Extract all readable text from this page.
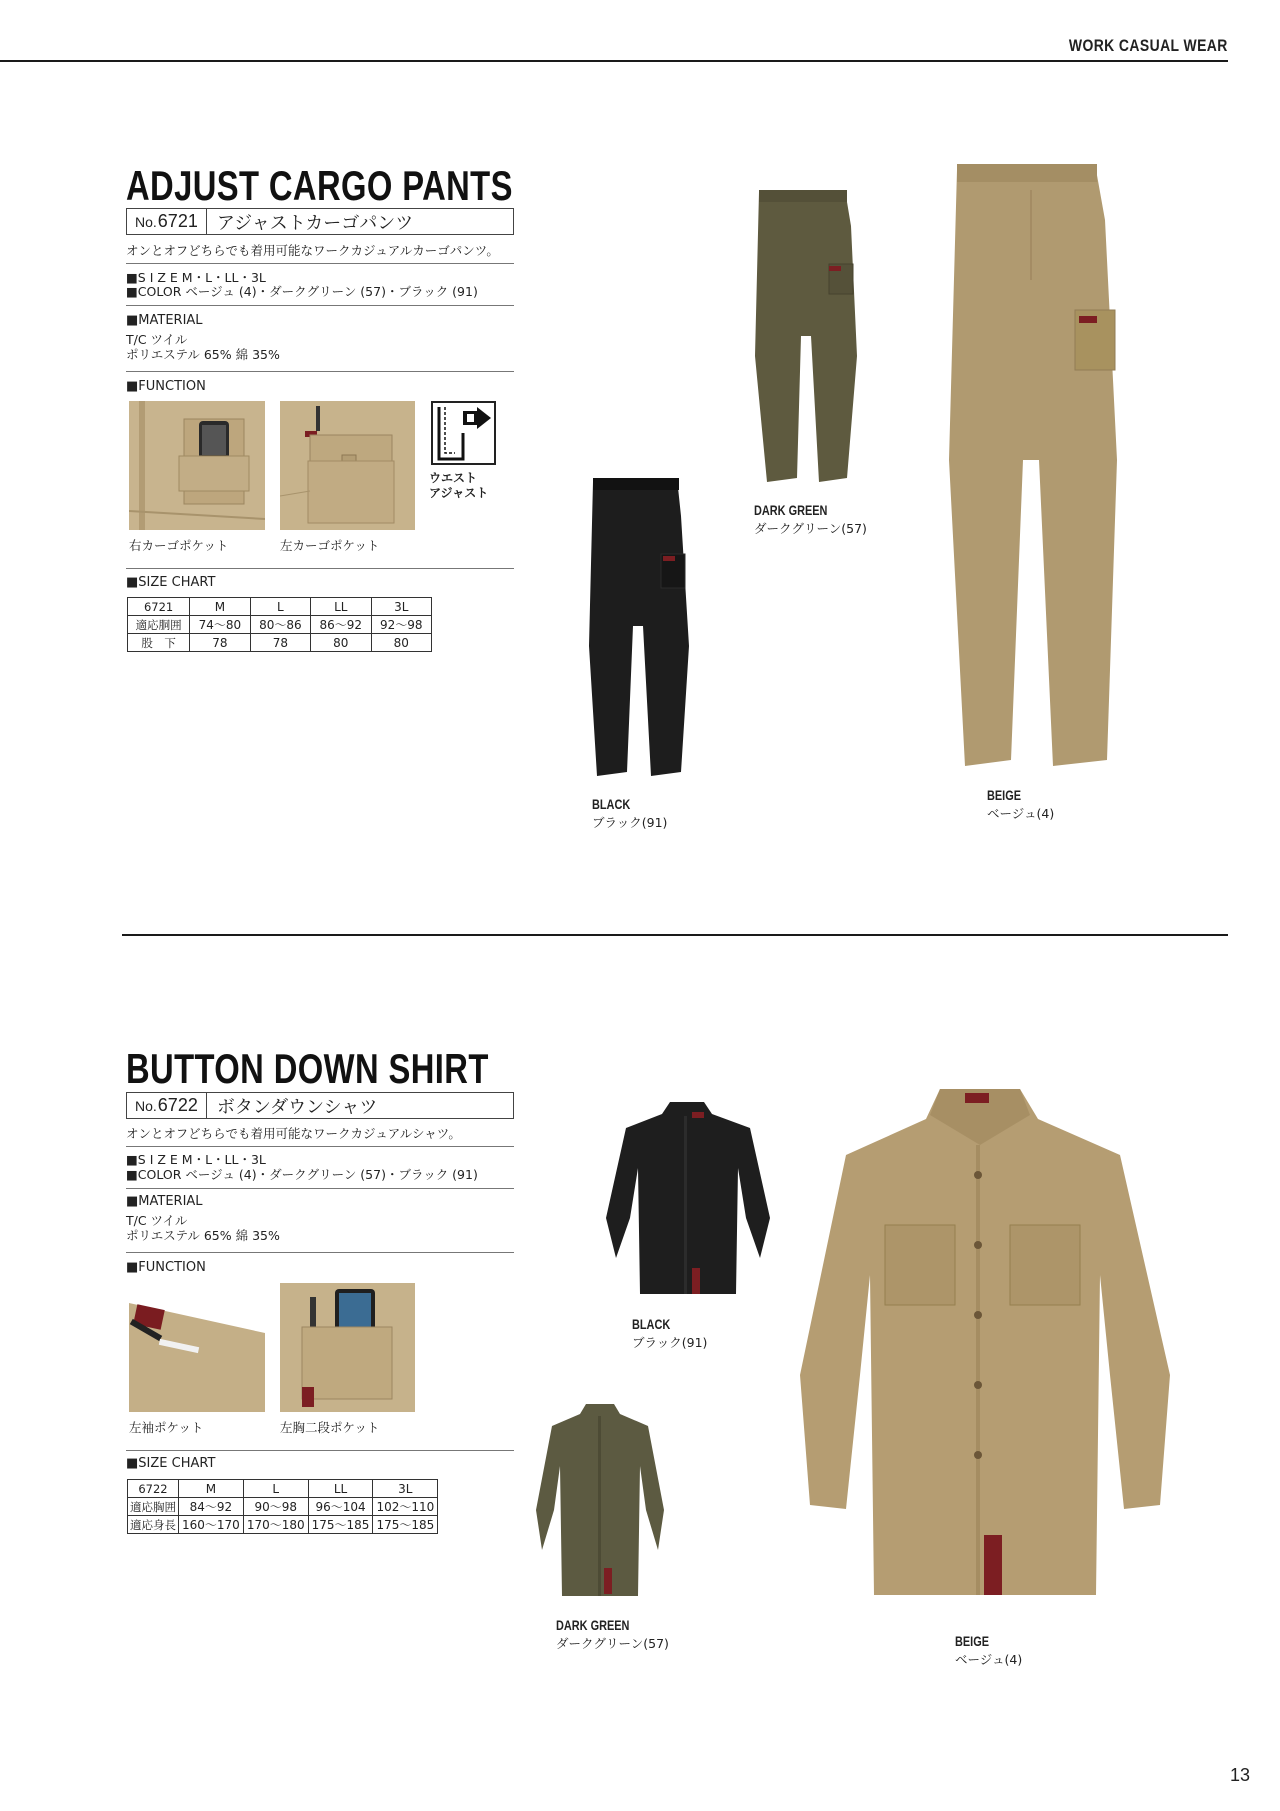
WORK CASUAL WEAR
ADJUST CARGO PANTS
No. 6721	アジャストカーゴパンツ
オンとオフどちらでも着用可能なワークカジュアルカーゴパンツ。
■S I Z E M・L・LL・3L
■COLOR ベージュ (4)・ダークグリーン (57)・ブラック (91)
■MATERIAL
T/C ツイル
ポリエステル 65% 綿 35%
■FUNCTION
右カーゴポケット	左カーゴポケット
ウエスト
アジャスト
■SIZE CHART
6721	M	L	LL	3L
適応胴囲	74～80	80～86	86～92	92～98
股　下	78	78	80	80
DARK GREEN
ダークグリーン(57)
BLACK
ブラック(91)
BEIGE
ベージュ(4)
BUTTON DOWN SHIRT
No. 6722	ボタンダウンシャツ
オンとオフどちらでも着用可能なワークカジュアルシャツ。
■S I Z E M・L・LL・3L
■COLOR ベージュ (4)・ダークグリーン (57)・ブラック (91)
■MATERIAL
T/C ツイル
ポリエステル 65% 綿 35%
■FUNCTION
左袖ポケット	左胸二段ポケット
■SIZE CHART
6722	M	L	LL	3L
適応胸囲	84～92	90～98	96～104	102～110
適応身長	160～170	170～180	175～185	175～185
BLACK
ブラック(91)
DARK GREEN
ダークグリーン(57)	BEIGE
ベージュ(4)
13
